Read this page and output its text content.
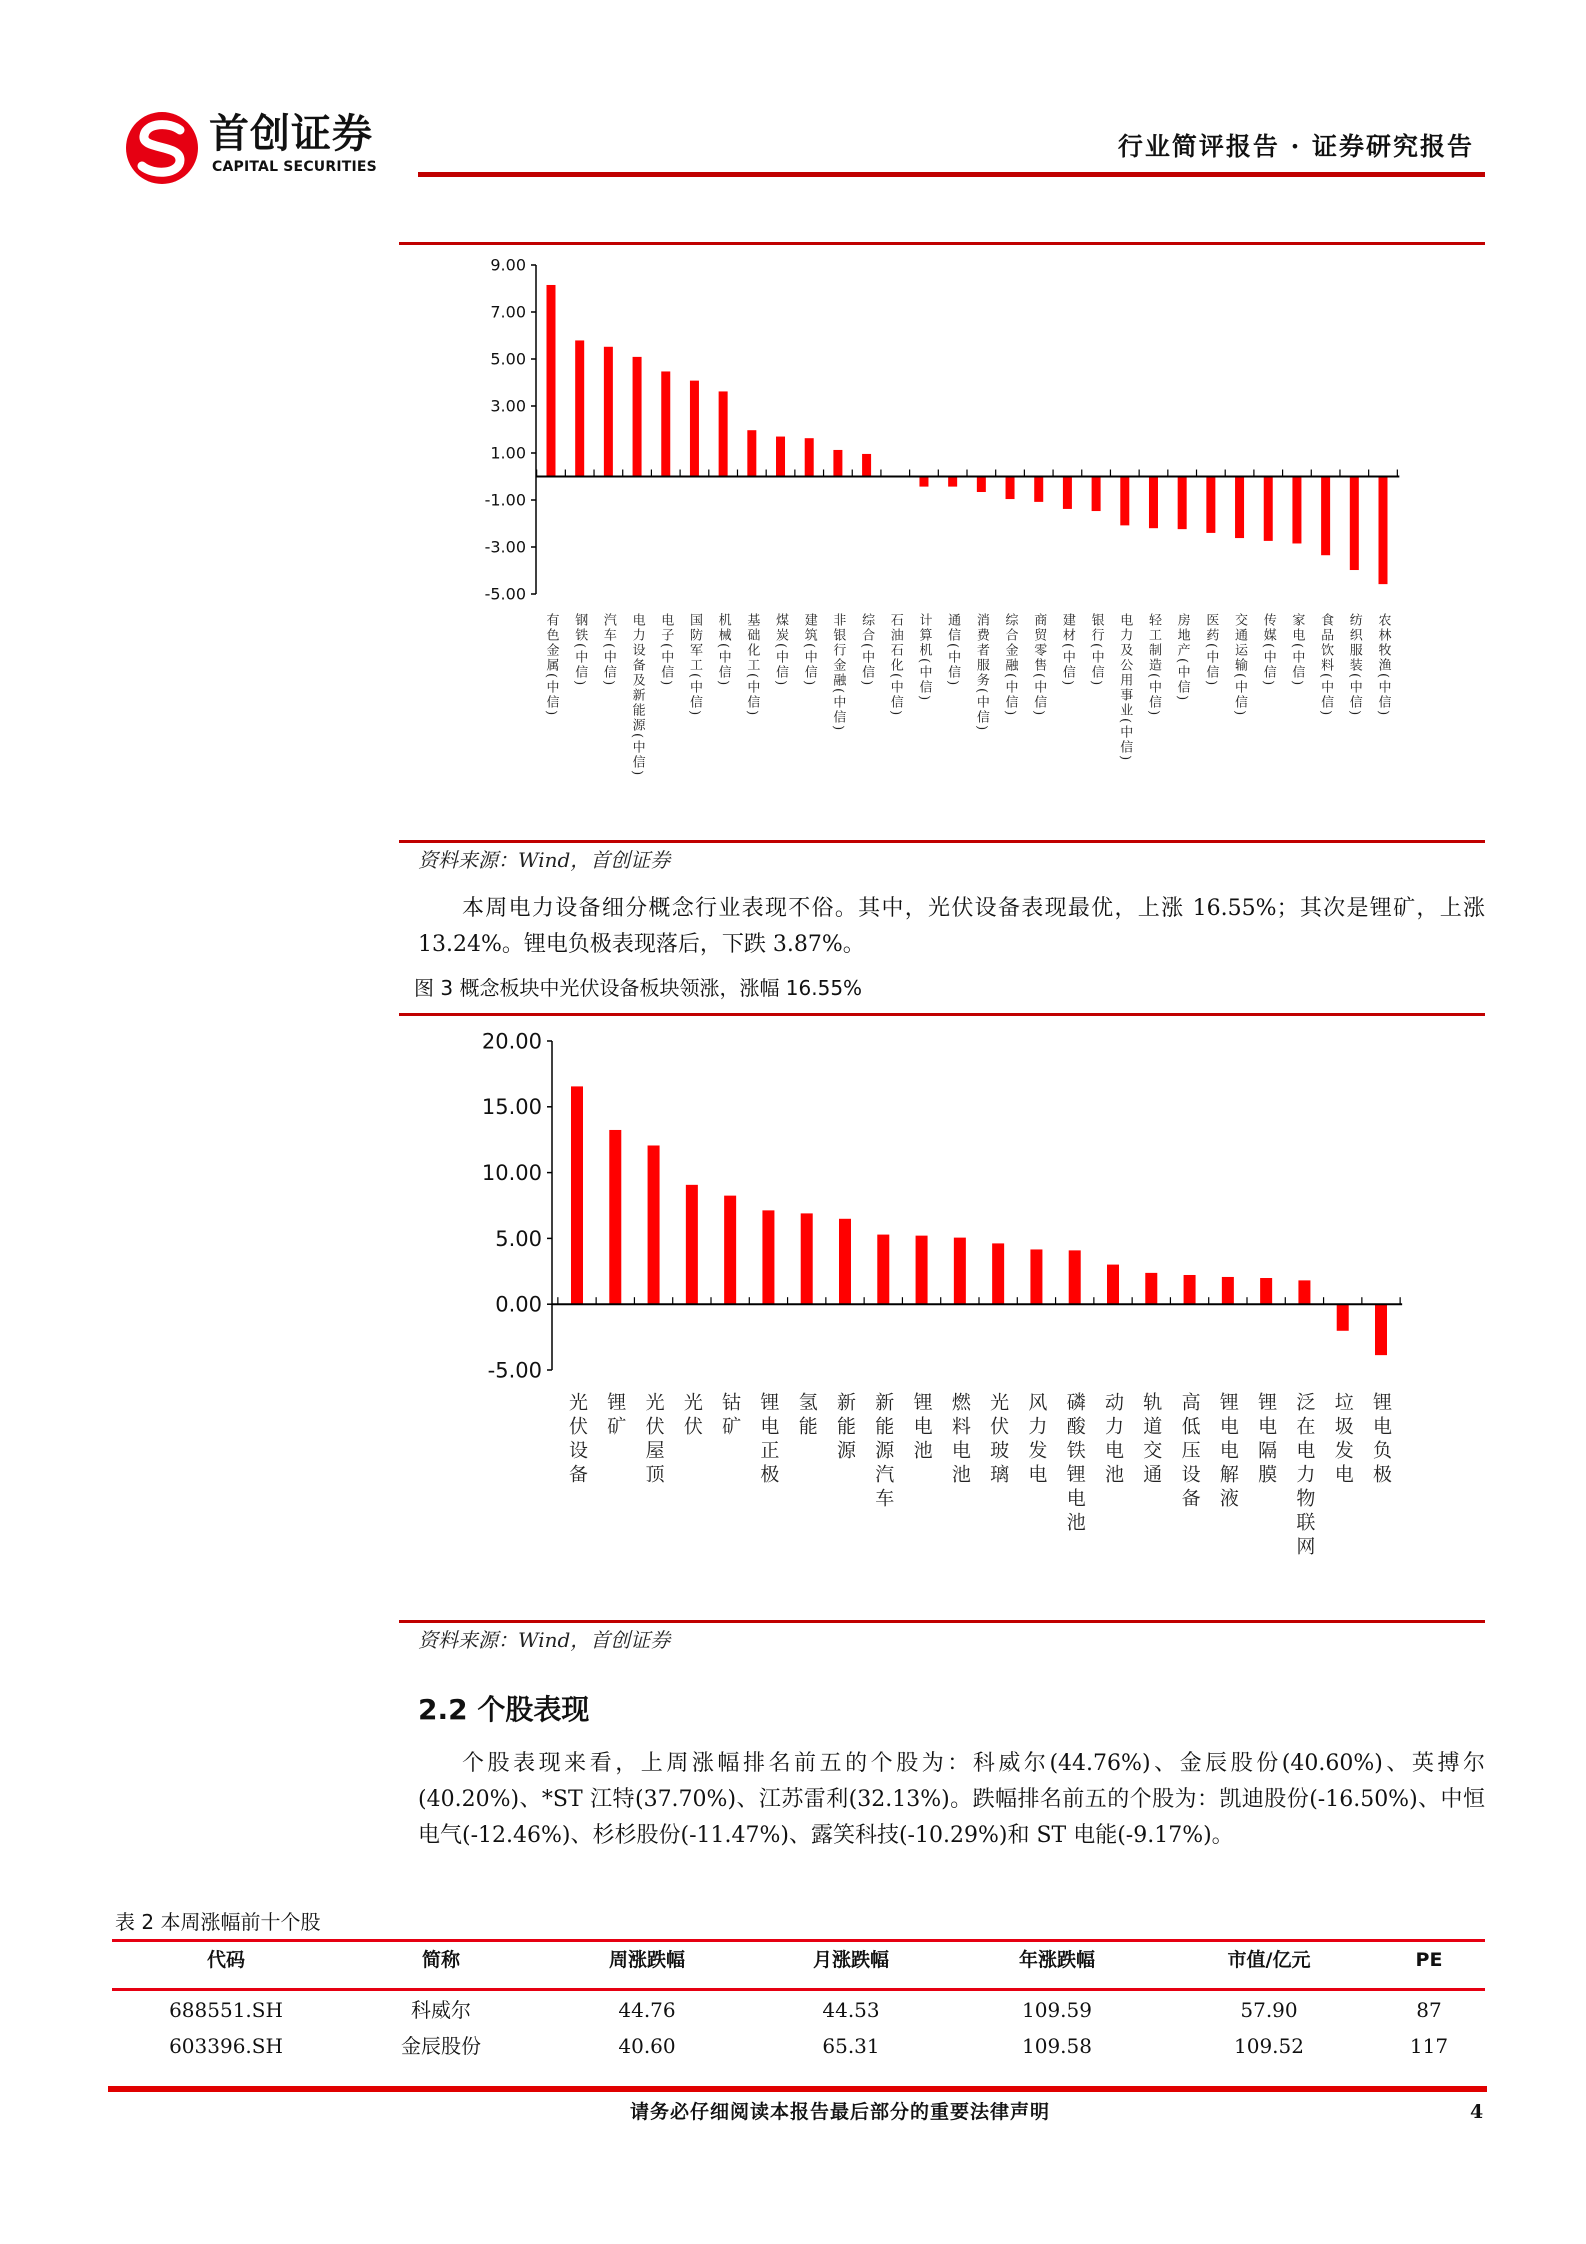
首创证券
CAPITAL SECURITIES
行业简评报告 · 证券研究报告
9.00
7.00
5.00
3.00
1.00
-1.00
-3.00
-5.00
有色金属(中信) 钢铁(中信) 汽车(中信) 电力设备及新能源(中信) 电子(中信) 国防军工(中信) 机械(中信) 基础化工(中信) 煤炭(中信) 建筑(中信) 非银行金融(中信) 综合(中信) 石油石化(中信) 计算机(中信) 通信(中信) 消费者服务(中信) 综合金融(中信) 商贸零售(中信) 建材(中信) 银行(中信) 电力及公用事业(中信) 轻工制造(中信) 房地产(中信) 医药(中信) 交通运输(中信) 传媒(中信) 家电(中信) 食品饮料(中信) 纺织服装(中信) 农林牧渔(中信)
资料来源：Wind，首创证券

本周电力设备细分概念行业表现不俗。其中，光伏设备表现最优，上涨 16.55%；其次是锂矿，上涨 13.24%。锂电负极表现落后，下跌 3.87%。

图 3 概念板块中光伏设备板块领涨，涨幅 16.55%
20.00
15.00
10.00
5.00
0.00
-5.00
光伏设备 锂矿 光伏屋顶 光伏 钴矿 锂电正极 氢能 新能源 新能源汽车 锂电池 燃料电池 光伏玻璃 风力发电 磷酸铁锂电池 动力电池 轨道交通 高低压设备 锂电电解液 锂电隔膜 泛在电力物联网 垃圾发电 锂电负极
资料来源：Wind，首创证券
2.2 个股表现

个股表现来看，上周涨幅排名前五的个股为：科威尔(44.76%)、金辰股份(40.60%)、英搏尔(40.20%)、*ST 江特(37.70%)、江苏雷利(32.13%)。跌幅排名前五的个股为：凯迪股份(-16.50%)、中恒电气(-12.46%)、杉杉股份(-11.47%)、露笑科技(-10.29%)和 ST 电能(-9.17%)。

表 2 本周涨幅前十个股
代码	简称	周涨跌幅	月涨跌幅	年涨跌幅	市值/亿元	PE
688551.SH	科威尔	44.76	44.53	109.59	57.90	87
603396.SH	金辰股份	40.60	65.31	109.58	109.52	117
请务必仔细阅读本报告最后部分的重要法律声明	4
